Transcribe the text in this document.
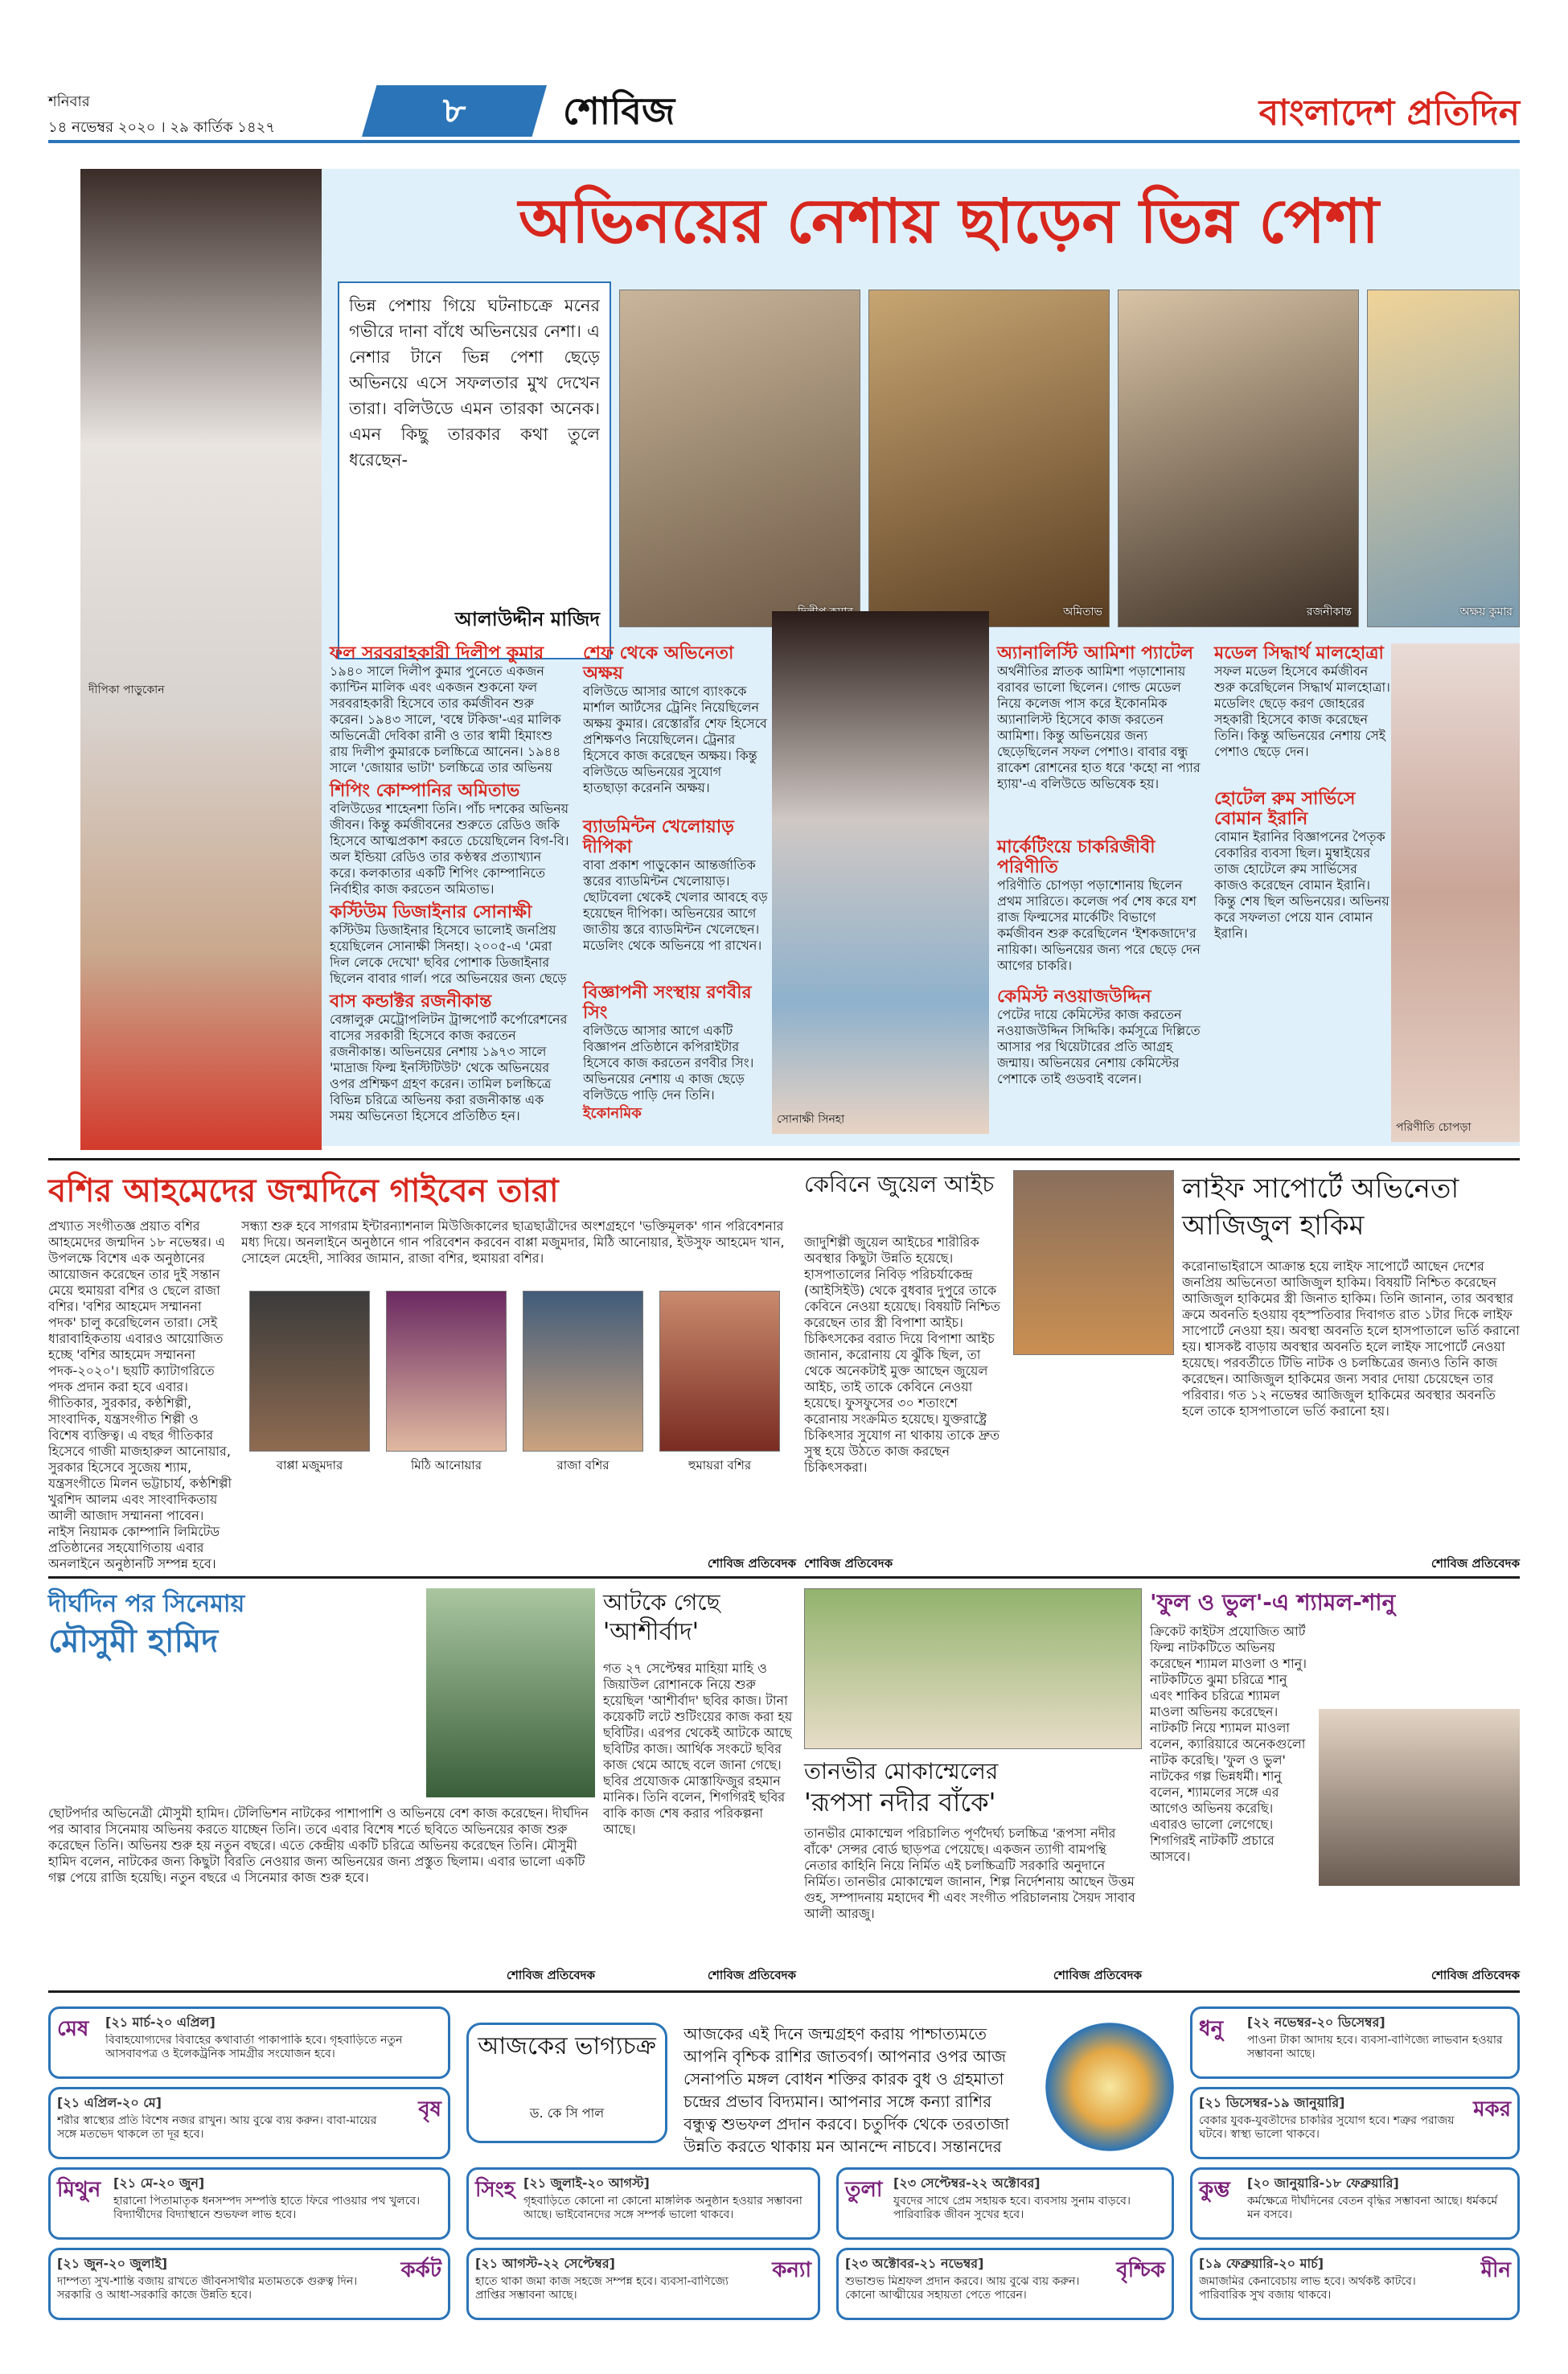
শনিবার
১৪ নভেম্বর ২০২০ । ২৯ কার্তিক ১৪২৭	৮	শোবিজ	বাংলাদেশ প্রতিদিন
অভিনয়ের নেশায় ছাড়েন ভিন্ন পেশা
দীপিকা পাড়ুকোন
ভিন্ন পেশায় গিয়ে ঘটনাচক্রে মনের গভীরে দানা বাঁধে অভিনয়ের নেশা। এ নেশার টানে ভিন্ন পেশা ছেড়ে অভিনয়ে এসে সফলতার মুখ দেখেন তারা। বলিউডে এমন তারকা অনেক। এমন কিছু তারকার কথা তুলে ধরেছেন-
আলাউদ্দীন মাজিদ	অমিতাভ	রজনীকান্ত	অক্ষয় কুমার
ফল সরবরাহকারী দিলীপ কুমার
১৯৪০ সালে দিলীপ কুমার পুনেতে একজন ক্যান্টিন মালিক এবং একজন শুকনো ফল সরবরাহকারী হিসেবে তার কর্মজীবন শুরু করেন। ১৯৪৩ সালে, 'বম্বে টকিজ'-এর মালিক অভিনেত্রী দেবিকা রানী ও তার স্বামী হিমাংশু রায় দিলীপ কুমারকে চলচ্চিত্রে আনেন। ১৯৪৪ সালে 'জোয়ার ভাটা' চলচ্চিত্রে তার অভিনয়
শিপিং কোম্পানির অমিতাভ
বলিউডের শাহেনশা তিনি। পাঁচ দশকের অভিনয় জীবন। কিন্তু কর্মজীবনের শুরুতে রেডিও জকি হিসেবে আত্মপ্রকাশ করতে চেয়েছিলেন বিগ-বি। অল ইন্ডিয়া রেডিও তার কণ্ঠস্বর প্রত্যাখ্যান করে। কলকাতার একটি শিপিং কোম্পানিতে নির্বাহীর কাজ করতেন অমিতাভ।
কস্টিউম ডিজাইনার সোনাক্ষী
কস্টিউম ডিজাইনার হিসেবে ভালোই জনপ্রিয় হয়েছিলেন সোনাক্ষী সিনহা। ২০০৫-এ 'মেরা দিল লেকে দেখো' ছবির পোশাক ডিজাইনার ছিলেন বাবার গার্ল। পরে অভিনয়ের জন্য ছেড়ে
বাস কন্ডাক্টর রজনীকান্ত
বেঙ্গালুরু মেট্রোপলিটন ট্রান্সপোর্ট কর্পোরেশনের বাসের সরকারী হিসেবে কাজ করতেন রজনীকান্ত। অভিনয়ের নেশায় ১৯৭৩ সালে 'মাদ্রাজ ফিল্ম ইনস্টিটিউট' থেকে অভিনয়ের ওপর প্রশিক্ষণ গ্রহণ করেন। তামিল চলচ্চিত্রে বিভিন্ন চরিত্রে অভিনয় করা রজনীকান্ত এক সময় অভিনেতা হিসেবে প্রতিষ্ঠিত হন।
শেফ থেকে অভিনেতা অক্ষয়
বলিউডে আসার আগে ব্যাংককে মার্শাল আর্টসের ট্রেনিং নিয়েছিলেন অক্ষয় কুমার। রেস্তোরাঁর শেফ হিসেবে প্রশিক্ষণও নিয়েছিলেন। ট্রেনার হিসেবে কাজ করেছেন অক্ষয়। কিন্তু বলিউডে অভিনয়ের সুযোগ হাতছাড়া করেননি অক্ষয়।
ব্যাডমিন্টন খেলোয়াড় দীপিকা
বাবা প্রকাশ পাড়ুকোন আন্তর্জাতিক স্তরের ব্যাডমিন্টন খেলোয়াড়। ছোটবেলা থেকেই খেলার আবহে বড় হয়েছেন দীপিকা। অভিনয়ের আগে জাতীয় স্তরে ব্যাডমিন্টন খেলেছেন। মডেলিং থেকে অভিনয়ে পা রাখেন।
বিজ্ঞাপনী সংস্থায় রণবীর সিং
বলিউডে আসার আগে একটি বিজ্ঞাপন প্রতিষ্ঠানে কপিরাইটার হিসেবে কাজ করতেন রণবীর সিং। অভিনয়ের নেশায় এ কাজ ছেড়ে বলিউডে পাড়ি দেন তিনি।
ইকোনমিক	সোনাক্ষী সিনহা
অ্যানালিস্টি আমিশা প্যাটেল
অর্থনীতির স্নাতক আমিশা পড়াশোনায় বরাবর ভালো ছিলেন। গোল্ড মেডেল নিয়ে কলেজ পাস করে ইকোনমিক অ্যানালিস্ট হিসেবে কাজ করতেন আমিশা। কিন্তু অভিনয়ের জন্য ছেড়েছিলেন সফল পেশাও। বাবার বন্ধু রাকেশ রোশনের হাত ধরে 'কহো না প্যার হ্যায়'-এ বলিউডে অভিষেক হয়।
মার্কেটিংয়ে চাকরিজীবী পরিণীতি
পরিণীতি চোপড়া পড়াশোনায় ছিলেন প্রথম সারিতে। কলেজ পর্ব শেষ করে যশ রাজ ফিল্মসের মার্কেটিং বিভাগে কর্মজীবন শুরু করেছিলেন 'ইশকজাদে'র নায়িকা। অভিনয়ের জন্য পরে ছেড়ে দেন আগের চাকরি।
কেমিস্ট নওয়াজউদ্দিন
পেটের দায়ে কেমিস্টের কাজ করতেন নওয়াজউদ্দিন সিদ্দিকি। কর্মসূত্রে দিল্লিতে আসার পর থিয়েটারের প্রতি আগ্রহ জন্মায়। অভিনয়ের নেশায় কেমিস্টের পেশাকে তাই গুডবাই বলেন।
মডেল সিদ্ধার্থ মালহোত্রা
সফল মডেল হিসেবে কর্মজীবন শুরু করেছিলেন সিদ্ধার্থ মালহোত্রা। মডেলিং ছেড়ে করণ জোহরের সহকারী হিসেবে কাজ করেছেন তিনি। কিন্তু অভিনয়ের নেশায় সেই পেশাও ছেড়ে দেন।
হোটেল রুম সার্ভিসে বোমান ইরানি
বোমান ইরানির বিজ্ঞাপনের পৈতৃক বেকারির ব্যবসা ছিল। মুম্বাইয়ের তাজ হোটেলে রুম সার্ভিসের কাজও করেছেন বোমান ইরানি। কিন্তু শেষ ছিল অভিনয়ের। অভিনয় করে সফলতা পেয়ে যান বোমান ইরানি।
পরিণীতি চোপড়া
বশির আহমেদের জন্মদিনে গাইবেন তারা
প্রখ্যাত সংগীতজ্ঞ প্রয়াত বশির আহমেদের জন্মদিন ১৮ নভেম্বর। এ উপলক্ষে বিশেষ এক অনুষ্ঠানের আয়োজন করেছেন তার দুই সন্তান মেয়ে হুমায়রা বশির ও ছেলে রাজা বশির। 'বশির আহমেদ সম্মাননা পদক' চালু করেছিলেন তারা। সেই ধারাবাহিকতায় এবারও আয়োজিত হচ্ছে 'বশির আহমেদ সম্মাননা পদক-২০২০'। ছয়টি ক্যাটাগরিতে পদক প্রদান করা হবে এবার। গীতিকার, সুরকার, কণ্ঠশিল্পী, সাংবাদিক, যন্ত্রসংগীত শিল্পী ও বিশেষ ব্যক্তিত্ব। এ বছর গীতিকার হিসেবে গাজী মাজহারুল আনোয়ার, সুরকার হিসেবে সুজেয় শ্যাম, যন্ত্রসংগীতে মিলন ভট্টাচার্য, কণ্ঠশিল্পী খুরশিদ আলম এবং সাংবাদিকতায় আলী আজাদ সম্মাননা পাবেন। নাইস নিয়ামক কোম্পানি লিমিটেড প্রতিষ্ঠানের সহযোগিতায় এবার অনলাইনে অনুষ্ঠানটি সম্পন্ন হবে।
সন্ধ্যা শুরু হবে সাগরাম ইন্টারন্যাশনাল মিউজিকালের ছাত্রছাত্রীদের অংশগ্রহণে 'ভক্তিমূলক' গান পরিবেশনার মধ্য দিয়ে। অনলাইনে অনুষ্ঠানে গান পরিবেশন করবেন বাপ্পা মজুমদার, মিঠি আনোয়ার, ইউসুফ আহমেদ খান, সোহেল মেহেদী, সাব্বির জামান, রাজা বশির, হুমায়রা বশির।
বাপ্পা মজুমদার	মিঠি আনোয়ার	রাজা বশির	হুমায়রা বশির
শোবিজ প্রতিবেদক
কেবিনে জুয়েল আইচ
জাদুশিল্পী জুয়েল আইচের শারীরিক অবস্থার কিছুটা উন্নতি হয়েছে। হাসপাতালের নিবিড় পরিচর্যাকেন্দ্র (আইসিইউ) থেকে বুধবার দুপুরে তাকে কেবিনে নেওয়া হয়েছে। বিষয়টি নিশ্চিত করেছেন তার স্ত্রী বিপাশা আইচ। চিকিৎসকের বরাত দিয়ে বিপাশা আইচ জানান, করোনায় যে ঝুঁকি ছিল, তা থেকে অনেকটাই মুক্ত আছেন জুয়েল আইচ, তাই তাকে কেবিনে নেওয়া হয়েছে। ফুসফুসের ৩০ শতাংশে করোনায় সংক্রমিত হয়েছে। যুক্তরাষ্ট্রে চিকিৎসার সুযোগ না থাকায় তাকে দ্রুত সুস্থ হয়ে উঠতে কাজ করছেন চিকিৎসকরা।
শোবিজ প্রতিবেদক
লাইফ সাপোর্টে অভিনেতা আজিজুল হাকিম
করোনাভাইরাসে আক্রান্ত হয়ে লাইফ সাপোর্টে আছেন দেশের জনপ্রিয় অভিনেতা আজিজুল হাকিম। বিষয়টি নিশ্চিত করেছেন আজিজুল হাকিমের স্ত্রী জিনাত হাকিম। তিনি জানান, তার অবস্থার ক্রমে অবনতি হওয়ায় বৃহস্পতিবার দিবাগত রাত ১টার দিকে লাইফ সাপোর্টে নেওয়া হয়। অবস্থা অবনতি হলে হাসপাতালে ভর্তি করানো হয়। শ্বাসকষ্ট বাড়ায় অবস্থার অবনতি হলে লাইফ সাপোর্টে নেওয়া হয়েছে। পরবর্তীতে টিভি নাটক ও চলচ্চিত্রের জন্যও তিনি কাজ করেছেন। আজিজুল হাকিমের জন্য সবার দোয়া চেয়েছেন তার পরিবার। গত ১২ নভেম্বর আজিজুল হাকিমের অবস্থার অবনতি হলে তাকে হাসপাতালে ভর্তি করানো হয়।
শোবিজ প্রতিবেদক
দীর্ঘদিন পর সিনেমায়
মৌসুমী হামিদ
ছোটপর্দার অভিনেত্রী মৌসুমী হামিদ। টেলিভিশন নাটকের পাশাপাশি ও অভিনয়ে বেশ কাজ করেছেন। দীর্ঘদিন পর আবার সিনেমায় অভিনয় করতে যাচ্ছেন তিনি। তবে এবার বিশেষ শর্তে ছবিতে অভিনয়ের কাজ শুরু করেছেন তিনি। অভিনয় শুরু হয় নতুন বছরে। এতে কেন্দ্রীয় একটি চরিত্রে অভিনয় করেছেন তিনি। মৌসুমী হামিদ বলেন, নাটকের জন্য কিছুটা বিরতি নেওয়ার জন্য অভিনয়ের জন্য প্রস্তুত ছিলাম। এবার ভালো একটি গল্প পেয়ে রাজি হয়েছি। নতুন বছরে এ সিনেমার কাজ শুরু হবে।
শোবিজ প্রতিবেদক
আটকে গেছে
'আশীর্বাদ'
গত ২৭ সেপ্টেম্বর মাহিয়া মাহি ও জিয়াউল রোশানকে নিয়ে শুরু হয়েছিল 'আশীর্বাদ' ছবির কাজ। টানা কয়েকটি লটে শুটিংয়ের কাজ করা হয় ছবিটির। এরপর থেকেই আটকে আছে ছবিটির কাজ। আর্থিক সংকটে ছবির কাজ থেমে আছে বলে জানা গেছে। ছবির প্রযোজক মোস্তাফিজুর রহমান মানিক। তিনি বলেন, শিগগিরই ছবির বাকি কাজ শেষ করার পরিকল্পনা আছে।
শোবিজ প্রতিবেদক
তানভীর মোকাম্মেলের
'রূপসা নদীর বাঁকে'
তানভীর মোকাম্মেল পরিচালিত পূর্ণদৈর্ঘ্য চলচ্চিত্র 'রূপসা নদীর বাঁকে' সেন্সর বোর্ড ছাড়পত্র পেয়েছে। একজন ত্যাগী বামপন্থি নেতার কাহিনি নিয়ে নির্মিত এই চলচ্চিত্রটি সরকারি অনুদানে নির্মিত। তানভীর মোকাম্মেল জানান, শিল্প নির্দেশনায় আছেন উত্তম গুহ, সম্পাদনায় মহাদেব শী এবং সংগীত পরিচালনায় সৈয়দ সাবাব আলী আরজু।
শোবিজ প্রতিবেদক
'ফুল ও ভুল'-এ শ্যামল-শানু
ক্রিকেট কাইটস প্রযোজিত আর্ট ফিল্ম নাটকটিতে অভিনয় করেছেন শ্যামল মাওলা ও শানু। নাটকটিতে ঝুমা চরিত্রে শানু এবং শাকিব চরিত্রে শ্যামল মাওলা অভিনয় করেছেন। নাটকটি নিয়ে শ্যামল মাওলা বলেন, ক্যারিয়ারে অনেকগুলো নাটক করেছি। 'ফুল ও ভুল' নাটকের গল্প ভিন্নধর্মী। শানু বলেন, শ্যামলের সঙ্গে এর আগেও অভিনয় করেছি। এবারও ভালো লেগেছে। শিগগিরই নাটকটি প্রচারে আসবে।
শোবিজ প্রতিবেদক
আজকের ভাগ্যচক্র
ড. কে সি পাল
আজকের এই দিনে জন্মগ্রহণ করায় পাশ্চাত্যমতে আপনি বৃশ্চিক রাশির জাতবর্গ। আপনার ওপর আজ সেনাপতি মঙ্গল বোধন শক্তির কারক বুধ ও গ্রহমাতা চন্দ্রের প্রভাব বিদ্যমান। আপনার সঙ্গে কন্যা রাশির বন্ধুত্ব শুভফল প্রদান করবে। চতুর্দিক থেকে তরতাজা উন্নতি করতে থাকায় মন আনন্দে নাচবে। সন্তানদের
[২১ মার্চ-২০ এপ্রিল]
মেষ	বিবাহযোগ্যদের বিবাহের কথাবার্তা পাকাপাকি হবে। গৃহবাড়িতে নতুন আসবাবপত্র ও ইলেকট্রনিক সামগ্রীর সংযোজন হবে।
[২১ এপ্রিল-২০ মে]	বৃষ
শরীর স্বাস্থ্যের প্রতি বিশেষ নজর রাখুন। আয় বুঝে ব্যয় করুন। বাবা-মায়ের সঙ্গে মতভেদ থাকলে তা দূর হবে।
[২১ মে-২০ জুন]
মিথুন	হারানো পিতামাতৃক ধনসম্পদ সম্পত্তি হাতে ফিরে পাওয়ার পথ খুলবে। বিদ্যার্থীদের বিদ্যাস্থানে শুভফল লাভ হবে।
[২১ জুন-২০ জুলাই]	কর্কট
দাম্পত্য সুখ-শান্তি বজায় রাখতে জীবনসাথীর মতামতকে গুরুত্ব দিন। সরকারি ও আধা-সরকারি কাজে উন্নতি হবে।
[২১ জুলাই-২০ আগস্ট]
সিংহ গৃহবাড়িতে কোনো না কোনো মাঙ্গলিক অনুষ্ঠান হওয়ার সম্ভাবনা আছে। ভাইবোনদের সঙ্গে সম্পর্ক ভালো থাকবে।
[২১ আগস্ট-২২ সেপ্টেম্বর]	কন্যা
হাতে থাকা জমা কাজ সহজে সম্পন্ন হবে। ব্যবসা-বাণিজ্যে প্রাপ্তির সম্ভাবনা আছে।
[২৩ সেপ্টেম্বর-২২ অক্টোবর]
তুলা যুবদের সাথে প্রেম সহায়ক হবে। ব্যবসায় সুনাম বাড়বে। পারিবারিক জীবন সুখের হবে।
[২৩ অক্টোবর-২১ নভেম্বর]	বৃশ্চিক
শুভাশুভ মিশ্রফল প্রদান করবে। আয় বুঝে ব্যয় করুন। কোনো আত্মীয়ের সহায়তা পেতে পারেন।
[২২ নভেম্বর-২০ ডিসেম্বর]
ধনু	পাওনা টাকা আদায় হবে। ব্যবসা-বাণিজ্যে লাভবান হওয়ার সম্ভাবনা আছে।
[২১ ডিসেম্বর-১৯ জানুয়ারি]	মকর
বেকার যুবক-যুবতীদের চাকরির সুযোগ হবে। শত্রুর পরাজয় ঘটবে। স্বাস্থ্য ভালো থাকবে।
[২০ জানুয়ারি-১৮ ফেব্রুয়ারি]
কুম্ভ	কর্মক্ষেত্রে দীর্ঘদিনের বেতন বৃদ্ধির সম্ভাবনা আছে। ধর্মকর্মে মন বসবে।
[১৯ ফেব্রুয়ারি-২০ মার্চ]	মীন
জমাজমির কেনাবেচায় লাভ হবে। অর্থকষ্ট কাটবে। পারিবারিক সুখ বজায় থাকবে।
